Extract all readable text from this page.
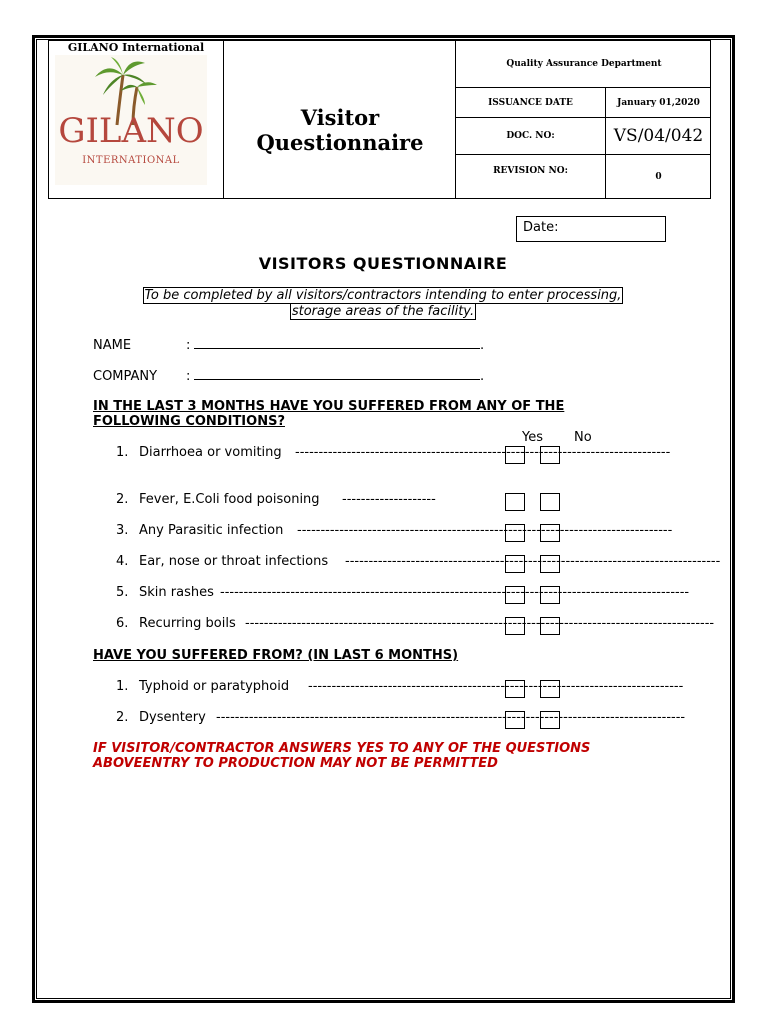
GILANO International
GILANO
INTERNATIONAL
Visitor Questionnaire
Quality Assurance Department
ISSUANCE DATE	January 01,2020
DOC. NO:	VS/04/042
REVISION NO:
0
Date:
VISITORS QUESTIONNAIRE
To be completed by all visitors/contractors intending to enter processing,
storage areas of the facility.
NAME	:	.
COMPANY :	.
IN THE LAST 3 MONTHS HAVE YOU SUFFERED FROM ANY OF THE
FOLLOWING CONDITIONS?
Yes No
1. Diarrhoea or vomiting --------------------------------------------------------------------------------
2. Fever, E.Coli food poisoning --------------------
3. Any Parasitic infection --------------------------------------------------------------------------------
4. Ear, nose or throat infections --------------------------------------------------------------------------------
5. Skin rashes ----------------------------------------------------------------------------------------------------
6. Recurring boils ----------------------------------------------------------------------------------------------------
HAVE YOU SUFFERED FROM? (IN LAST 6 MONTHS)
1. Typhoid or paratyphoid --------------------------------------------------------------------------------
2. Dysentery ----------------------------------------------------------------------------------------------------
IF VISITOR/CONTRACTOR ANSWERS YES TO ANY OF THE QUESTIONS
ABOVEENTRY TO PRODUCTION MAY NOT BE PERMITTED
